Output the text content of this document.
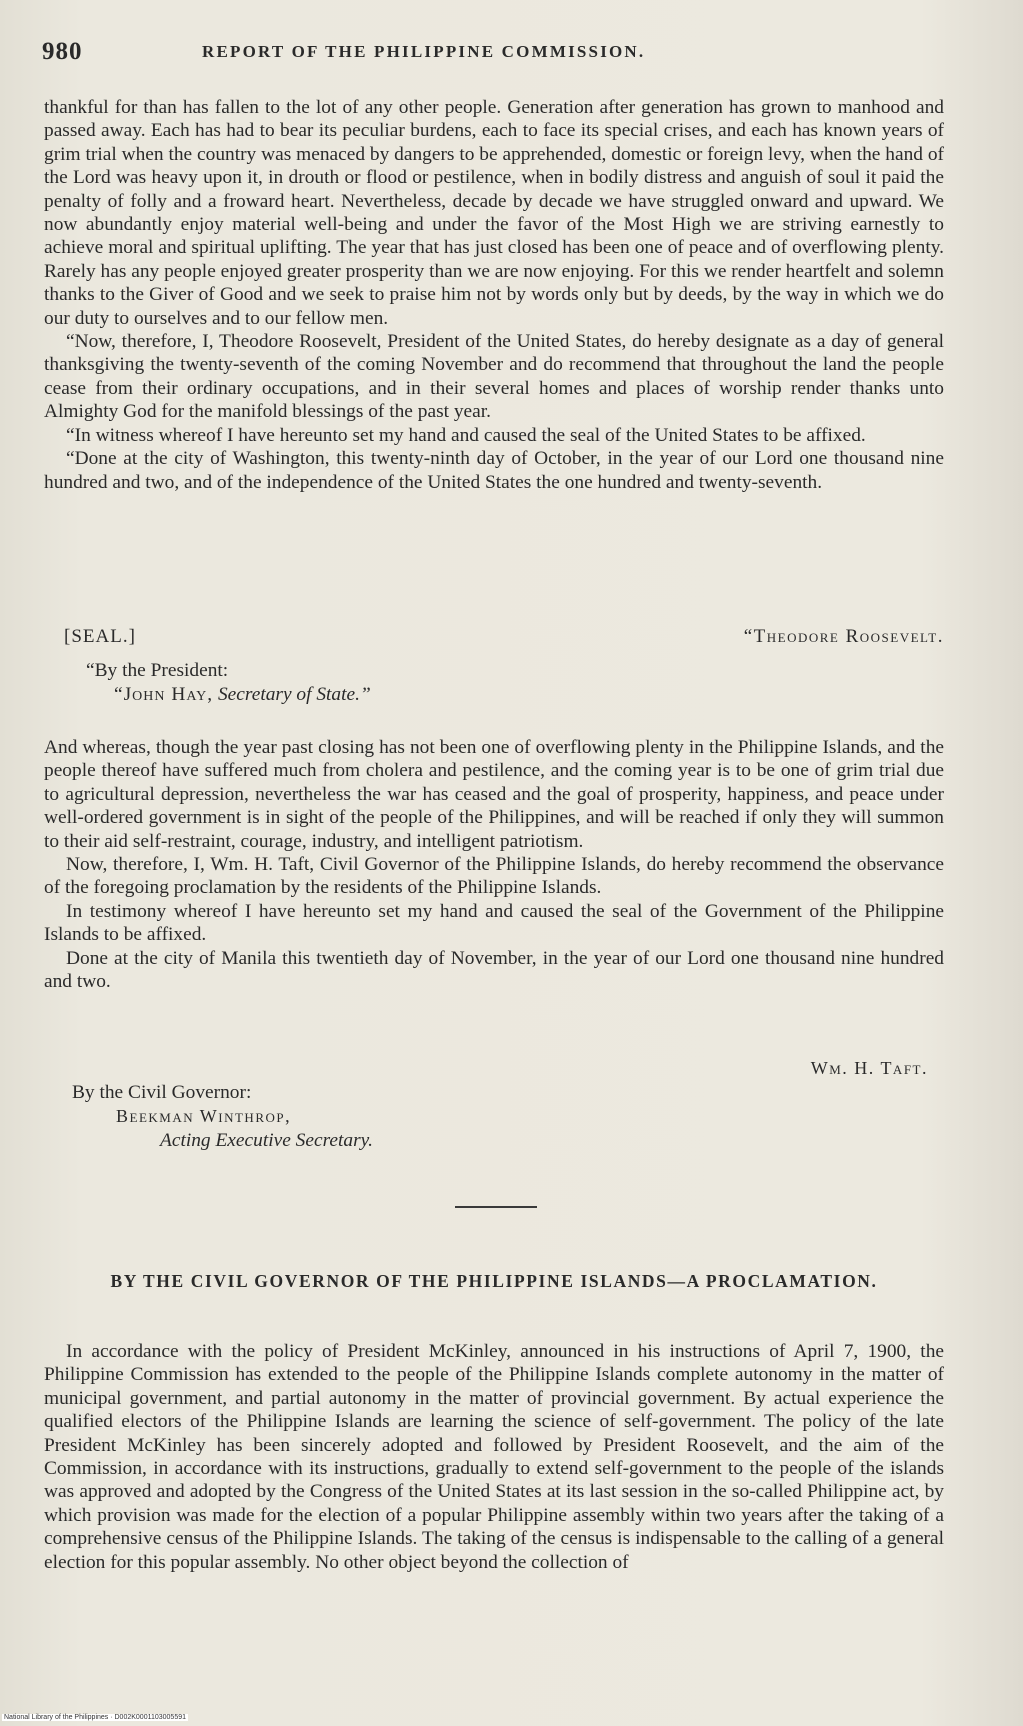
980	REPORT OF THE PHILIPPINE COMMISSION.

thankful for than has fallen to the lot of any other people. Generation after generation has grown to manhood and passed away. Each has had to bear its peculiar burdens, each to face its special crises, and each has known years of grim trial when the country was menaced by dangers to be apprehended, domestic or foreign levy, when the hand of the Lord was heavy upon it, in drouth or flood or pestilence, when in bodily distress and anguish of soul it paid the penalty of folly and a froward heart. Nevertheless, decade by decade we have struggled onward and upward. We now abundantly enjoy material well-being and under the favor of the Most High we are striving earnestly to achieve moral and spiritual uplifting. The year that has just closed has been one of peace and of overflowing plenty. Rarely has any people enjoyed greater prosperity than we are now enjoying. For this we render heartfelt and solemn thanks to the Giver of Good and we seek to praise him not by words only but by deeds, by the way in which we do our duty to ourselves and to our fellow men.

“Now, therefore, I, Theodore Roosevelt, President of the United States, do hereby designate as a day of general thanksgiving the twenty-seventh of the coming November and do recommend that throughout the land the people cease from their ordinary occupations, and in their several homes and places of worship render thanks unto Almighty God for the manifold blessings of the past year.

“In witness whereof I have hereunto set my hand and caused the seal of the United States to be affixed.

“Done at the city of Washington, this twenty-ninth day of October, in the year of our Lord one thousand nine hundred and two, and of the independence of the United States the one hundred and twenty-seventh.

[SEAL.]	“Theodore Roosevelt.
“By the President:
“John Hay, Secretary of State.”

And whereas, though the year past closing has not been one of overflowing plenty in the Philippine Islands, and the people thereof have suffered much from cholera and pestilence, and the coming year is to be one of grim trial due to agricultural depression, nevertheless the war has ceased and the goal of prosperity, happiness, and peace under well-ordered government is in sight of the people of the Philippines, and will be reached if only they will summon to their aid self-restraint, courage, industry, and intelligent patriotism.

Now, therefore, I, Wm. H. Taft, Civil Governor of the Philippine Islands, do hereby recommend the observance of the foregoing proclamation by the residents of the Philippine Islands.

In testimony whereof I have hereunto set my hand and caused the seal of the Government of the Philippine Islands to be affixed.

Done at the city of Manila this twentieth day of November, in the year of our Lord one thousand nine hundred and two.

Wm. H. Taft.
By the Civil Governor:
Beekman Winthrop,
Acting Executive Secretary.
BY THE CIVIL GOVERNOR OF THE PHILIPPINE ISLANDS—A PROCLAMATION.

In accordance with the policy of President McKinley, announced in his instructions of April 7, 1900, the Philippine Commission has extended to the people of the Philippine Islands complete autonomy in the matter of municipal government, and partial autonomy in the matter of provincial government. By actual experience the qualified electors of the Philippine Islands are learning the science of self-government. The policy of the late President McKinley has been sincerely adopted and followed by President Roosevelt, and the aim of the Commission, in accordance with its instructions, gradually to extend self-government to the people of the islands was approved and adopted by the Congress of the United States at its last session in the so-called Philippine act, by which provision was made for the election of a popular Philippine assembly within two years after the taking of a comprehensive census of the Philippine Islands. The taking of the census is indispensable to the calling of a general election for this popular assembly. No other object beyond the collection of

National Library of the Philippines · D002K0001103005591
